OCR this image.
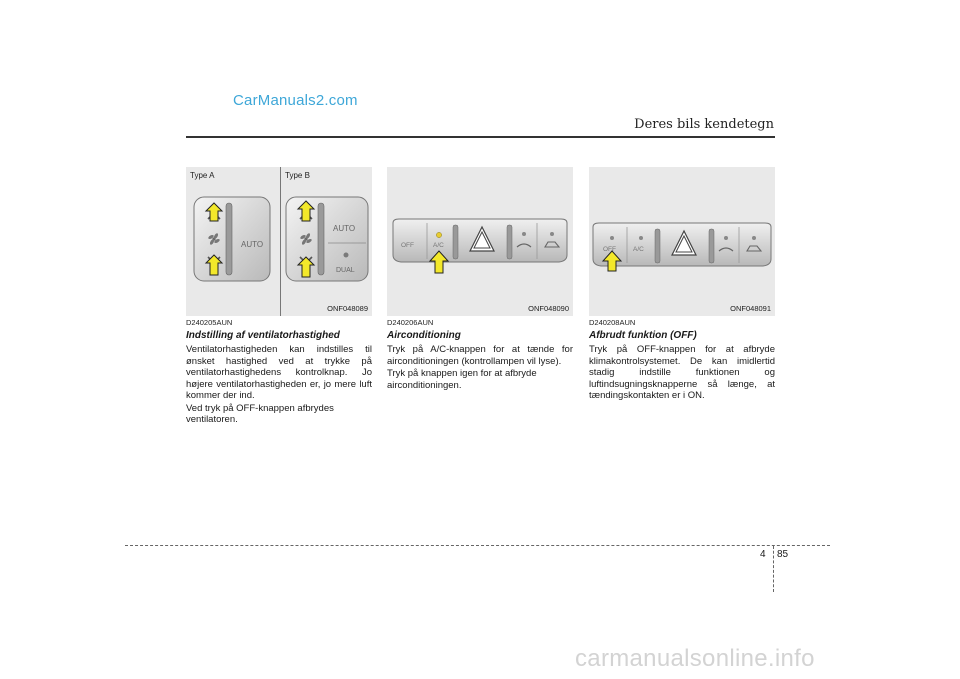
CarManuals2.com
Deres bils kendetegn
Type A	Type B
AUTO
AUTO
DUAL
ONF048089
OFF	A/C
ONF048090
OFF	A/C
ONF048091
D240205AUN
Indstilling af ventilatorhastighed

Ventilatorhastigheden kan indstilles til ønsket hastighed ved at trykke på ventilatorhastighedens kontrolknap. Jo højere ventilatorhastigheden er, jo mere luft kommer der ind.

Ved tryk på OFF-knappen afbrydes ventilatoren.

D240206AUN
Airconditioning

Tryk på A/C-knappen for at tænde for airconditioningen (kontrollampen vil lyse).

Tryk på knappen igen for at afbryde airconditioningen.

D240208AUN
Afbrudt funktion (OFF)

Tryk på OFF-knappen for at afbryde klimakontrolsystemet. De kan imidlertid stadig indstille funktionen og luftindsugningsknapperne så længe, at tændingskontakten er i ON.

4 85
carmanualsonline.info
